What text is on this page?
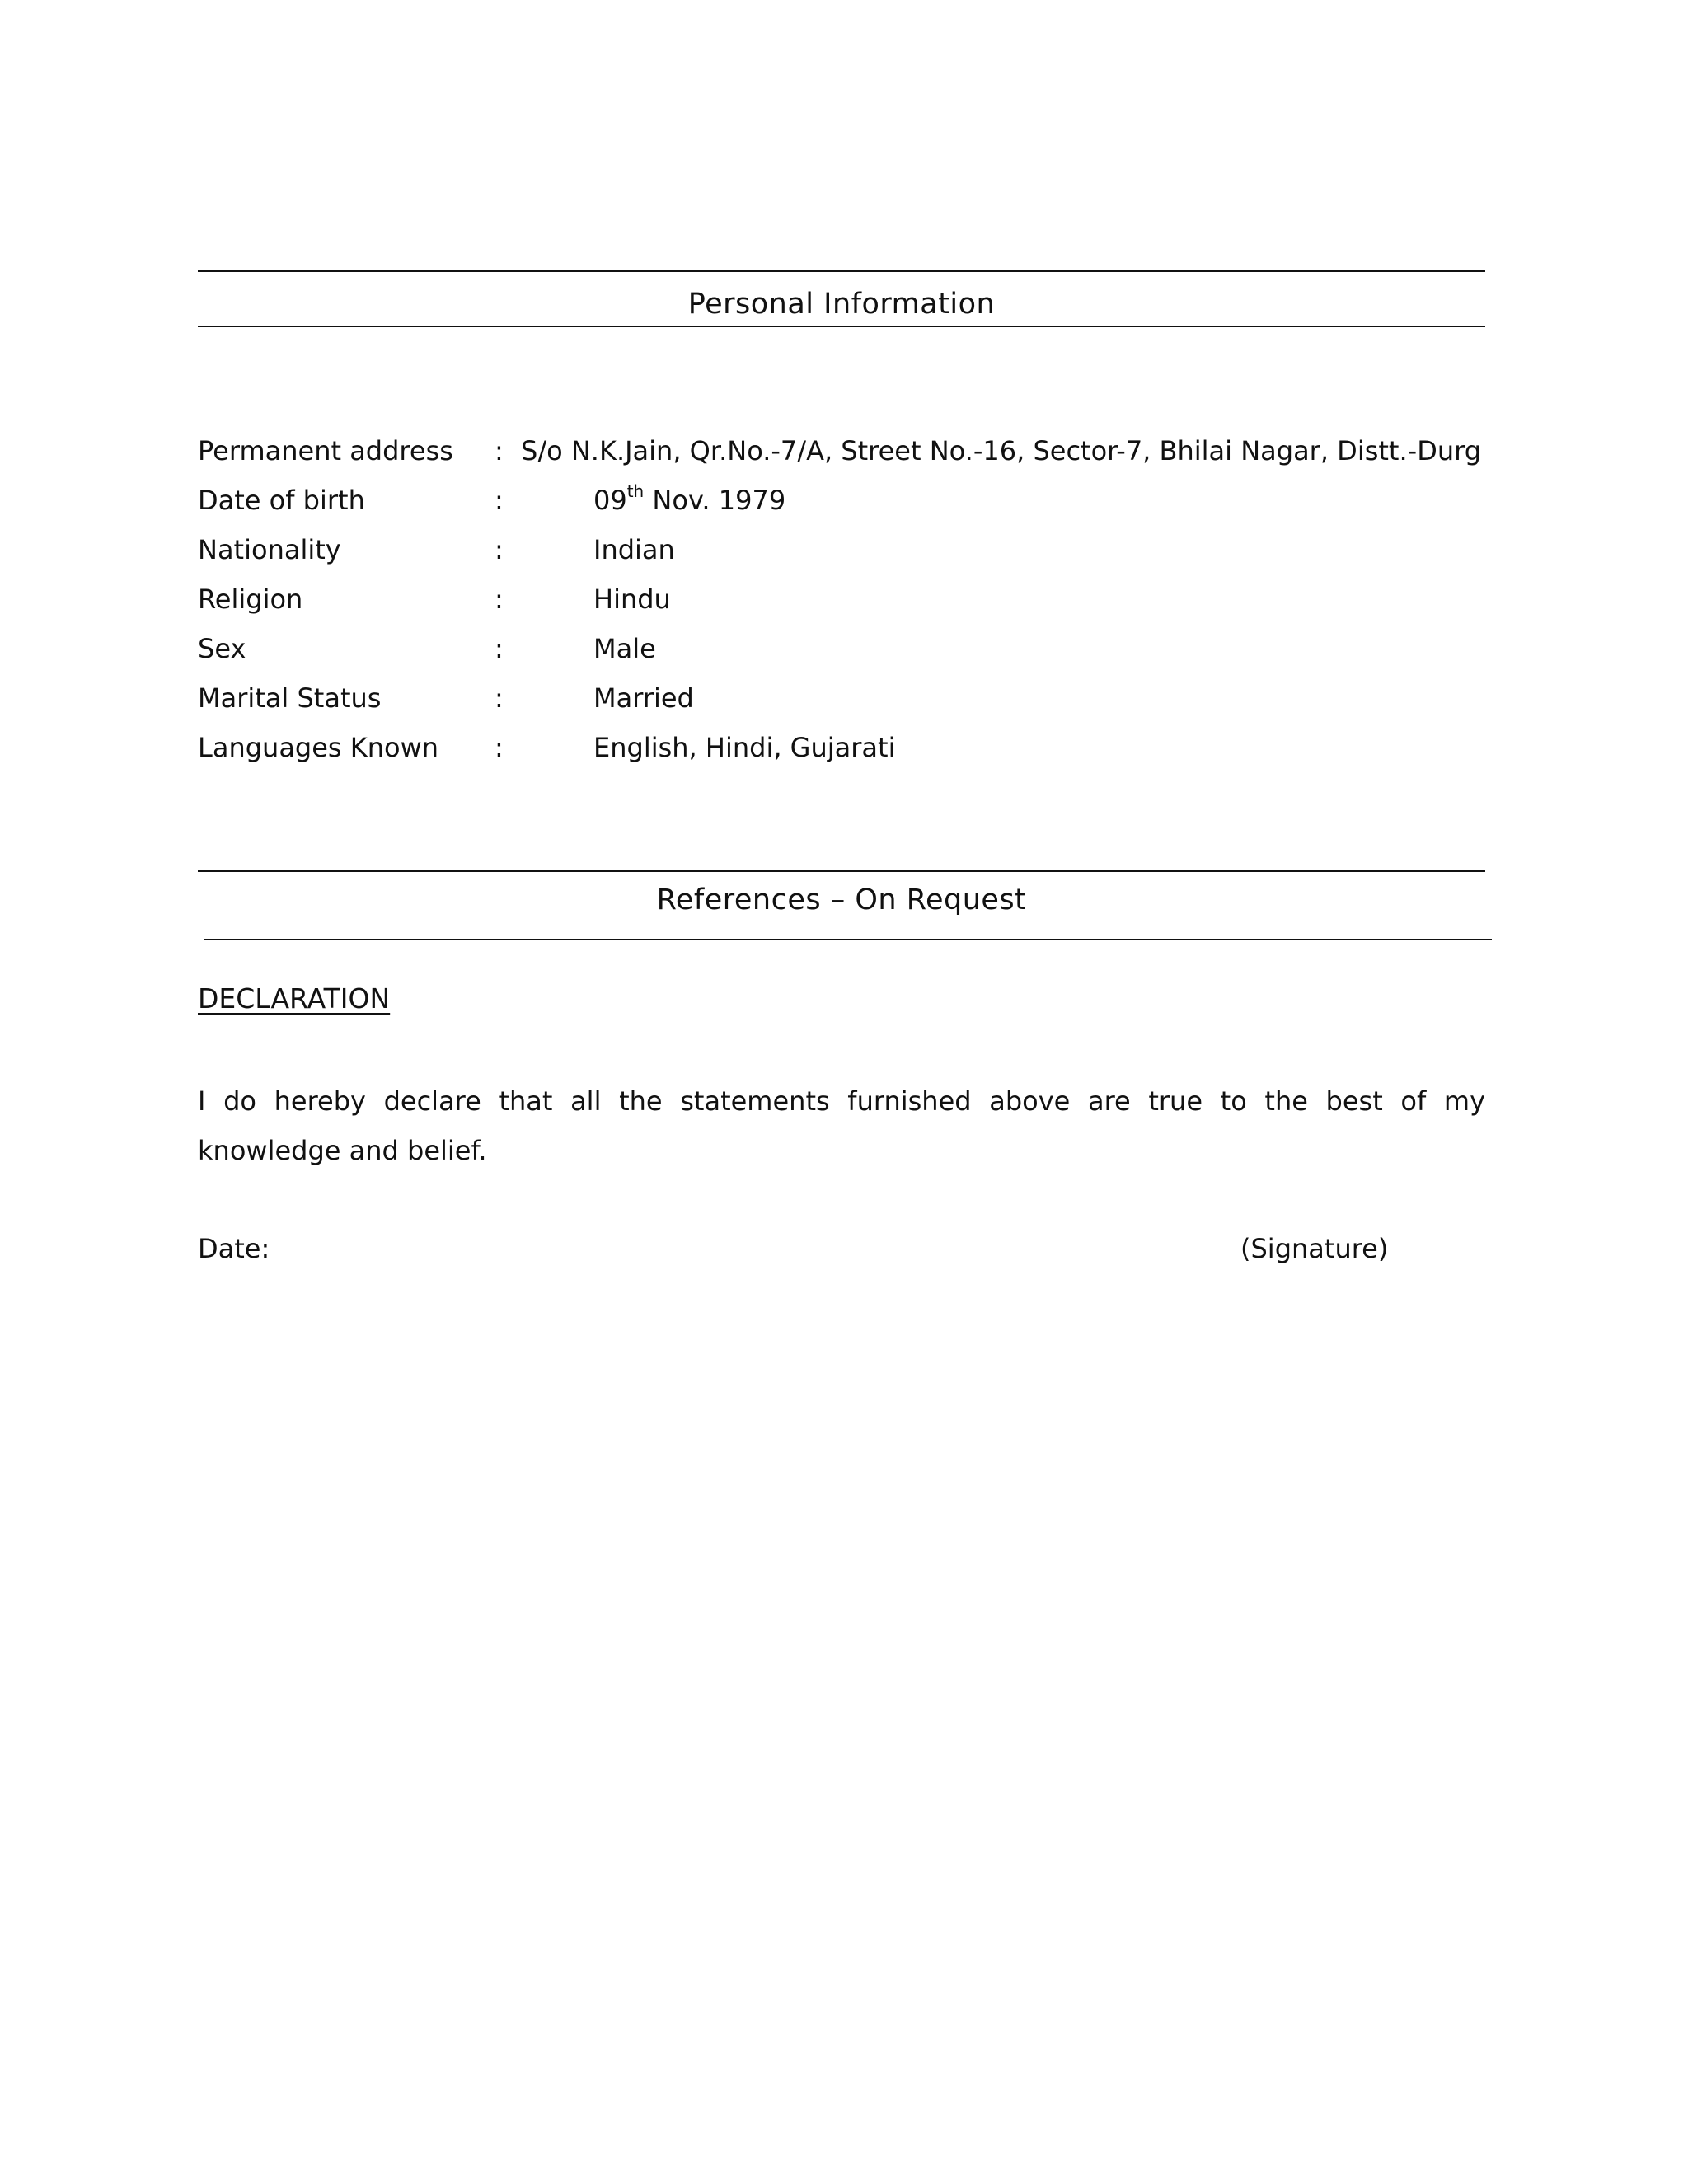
Personal Information
Permanent address : S/o N.K.Jain, Qr.No.-7/A, Street No.-16, Sector-7, Bhilai Nagar, Distt.-Durg
Date of birth	:	09th Nov. 1979
Nationality	:	Indian
Religion	:	Hindu
Sex	:	Male
Marital Status	:	Married
Languages Known :	English, Hindi, Gujarati
References – On Request
DECLARATION
I do hereby declare that all the statements furnished above are true to the best of my knowledge and belief.
Date:	(Signature)
